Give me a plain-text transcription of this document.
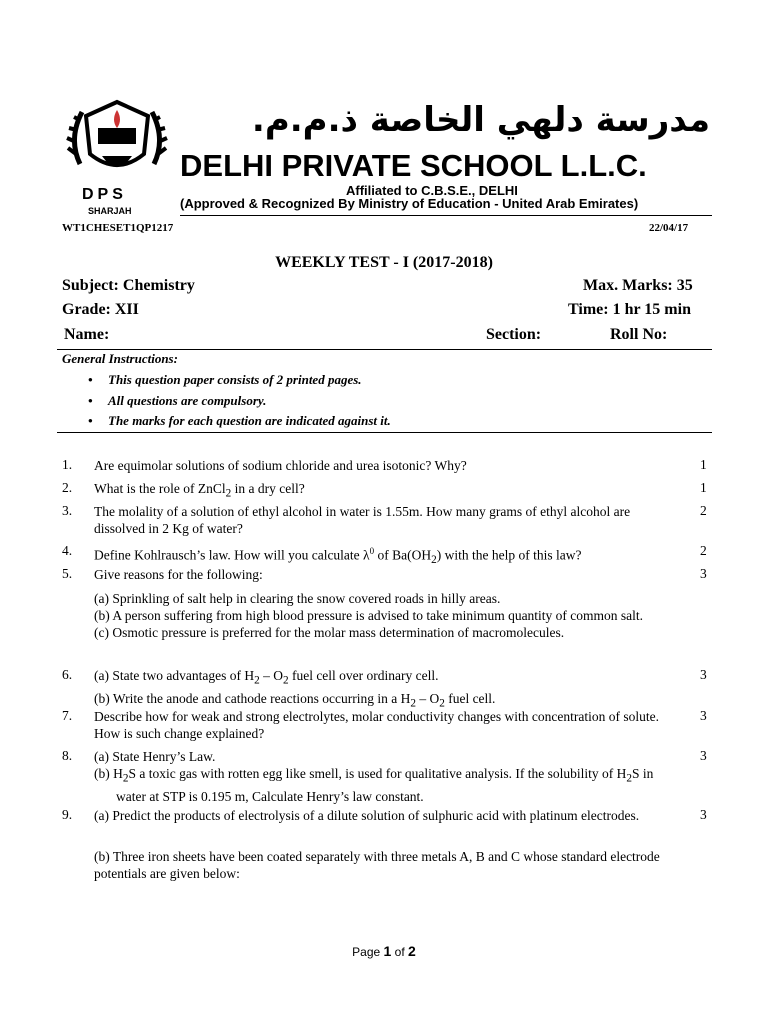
DPS
SHARJAH
مدرسة دلهي الخاصة ذ.م.م.
DELHI PRIVATE SCHOOL L.L.C.
Affiliated to C.B.S.E., DELHI
(Approved & Recognized By Ministry of Education - United Arab Emirates)
WT1CHESET1QP1217	22/04/17
WEEKLY TEST - I (2017-2018)
Subject: Chemistry	Max. Marks: 35
Grade: XII	Time: 1 hr 15 min
Name:	Section:	Roll No:
General Instructions:
• This question paper consists of 2 printed pages.
• All questions are compulsory.
• The marks for each question are indicated against it.
1. Are equimolar solutions of sodium chloride and urea isotonic? Why?	1
2. What is the role of ZnCl$_2$ in a dry cell?	1
3. The molality of a solution of ethyl alcohol in water is 1.55m. How many grams of ethyl alcohol are dissolved in 2 Kg of water?
2
4. Define Kohlrausch’s law. How will you calculate $\lambda^0$ of $Ba(OH_2)$ with the help of this law?	2
5. Give reasons for the following:	3
(a) Sprinkling of salt help in clearing the snow covered roads in hilly areas.
(b) A person suffering from high blood pressure is advised to take minimum quantity of common salt.
(c) Osmotic pressure is preferred for the molar mass determination of macromolecules.
6. (a) State two advantages of $H_2 - O_2$ fuel cell over ordinary cell.
(b) Write the anode and cathode reactions occurring in a $H_2 - O_2$ fuel cell.
3
7. Describe how for weak and strong electrolytes, molar conductivity changes with concentration of solute. How is such change explained?
3
8. (a) State Henry’s Law.
(b) $H_2S$ a toxic gas with rotten egg like smell, is used for qualitative analysis. If the solubility of $H_2S$ in water at STP is 0.195 m, Calculate Henry’s law constant.
3
9. (a) Predict the products of electrolysis of a dilute solution of sulphuric acid with platinum electrodes.	3
(b) Three iron sheets have been coated separately with three metals A, B and C whose standard electrode potentials are given below:
Page 1 of 2
